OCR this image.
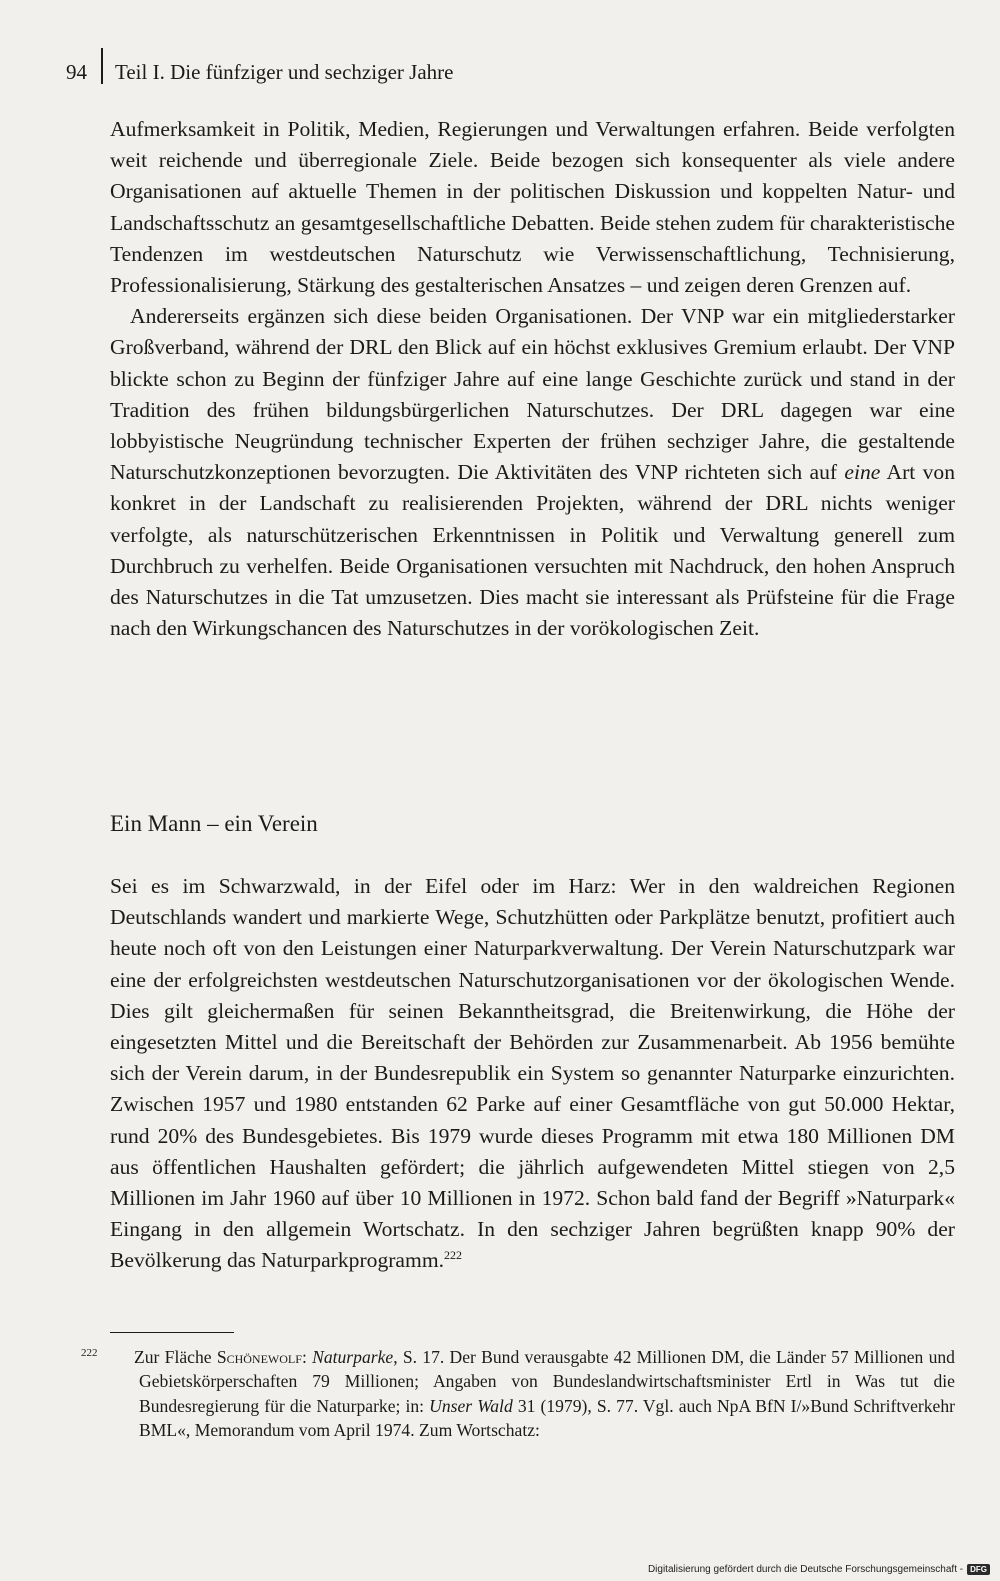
94 Teil I. Die fünfziger und sechziger Jahre

Aufmerksamkeit in Politik, Medien, Regierungen und Verwaltungen erfahren. Beide verfolgten weit reichende und überregionale Ziele. Beide bezogen sich konsequenter als viele andere Organisationen auf aktuelle Themen in der politischen Diskussion und koppelten Natur- und Landschaftsschutz an gesamtgesellschaftliche Debatten. Beide stehen zudem für charakteristische Tendenzen im westdeutschen Naturschutz wie Verwissenschaftlichung, Technisierung, Professionalisierung, Stärkung des gestalterischen Ansatzes – und zeigen deren Grenzen auf.

Andererseits ergänzen sich diese beiden Organisationen. Der VNP war ein mitgliederstarker Großverband, während der DRL den Blick auf ein höchst exklusives Gremium erlaubt. Der VNP blickte schon zu Beginn der fünfziger Jahre auf eine lange Geschichte zurück und stand in der Tradition des frühen bildungsbürgerlichen Naturschutzes. Der DRL dagegen war eine lobbyistische Neugründung technischer Experten der frühen sechziger Jahre, die gestaltende Naturschutzkonzeptionen bevorzugten. Die Aktivitäten des VNP richteten sich auf eine Art von konkret in der Landschaft zu realisierenden Projekten, während der DRL nichts weniger verfolgte, als naturschützerischen Erkenntnissen in Politik und Verwaltung generell zum Durchbruch zu verhelfen. Beide Organisationen versuchten mit Nachdruck, den hohen Anspruch des Naturschutzes in die Tat umzusetzen. Dies macht sie interessant als Prüfsteine für die Frage nach den Wirkungschancen des Naturschutzes in der vorökologischen Zeit.

Ein Mann – ein Verein

Sei es im Schwarzwald, in der Eifel oder im Harz: Wer in den waldreichen Regionen Deutschlands wandert und markierte Wege, Schutzhütten oder Parkplätze benutzt, profitiert auch heute noch oft von den Leistungen einer Naturparkverwaltung. Der Verein Naturschutzpark war eine der erfolgreichsten westdeutschen Naturschutzorganisationen vor der ökologischen Wende. Dies gilt gleichermaßen für seinen Bekanntheitsgrad, die Breitenwirkung, die Höhe der eingesetzten Mittel und die Bereitschaft der Behörden zur Zusammenarbeit. Ab 1956 bemühte sich der Verein darum, in der Bundesrepublik ein System so genannter Naturparke einzurichten. Zwischen 1957 und 1980 entstanden 62 Parke auf einer Gesamtfläche von gut 50.000 Hektar, rund 20% des Bundesgebietes. Bis 1979 wurde dieses Programm mit etwa 180 Millionen DM aus öffentlichen Haushalten gefördert; die jährlich aufgewendeten Mittel stiegen von 2,5 Millionen im Jahr 1960 auf über 10 Millionen in 1972. Schon bald fand der Begriff »Naturpark« Eingang in den allgemein Wortschatz. In den sechziger Jahren begrüßten knapp 90% der Bevölkerung das Naturparkprogramm.$^{222}$

222 Zur Fläche Schönewolf: Naturparke, S. 17. Der Bund verausgabte 42 Millionen DM, die Länder 57 Millionen und Gebietskörperschaften 79 Millionen; Angaben von Bundeslandwirtschaftsminister Ertl in Was tut die Bundesregierung für die Naturparke; in: Unser Wald 31 (1979), S. 77. Vgl. auch NpA BfN I/»Bund Schriftverkehr BML«, Memorandum vom April 1974. Zum Wortschatz:

Digitalisierung gefördert durch die Deutsche Forschungsgemeinschaft - DFG
